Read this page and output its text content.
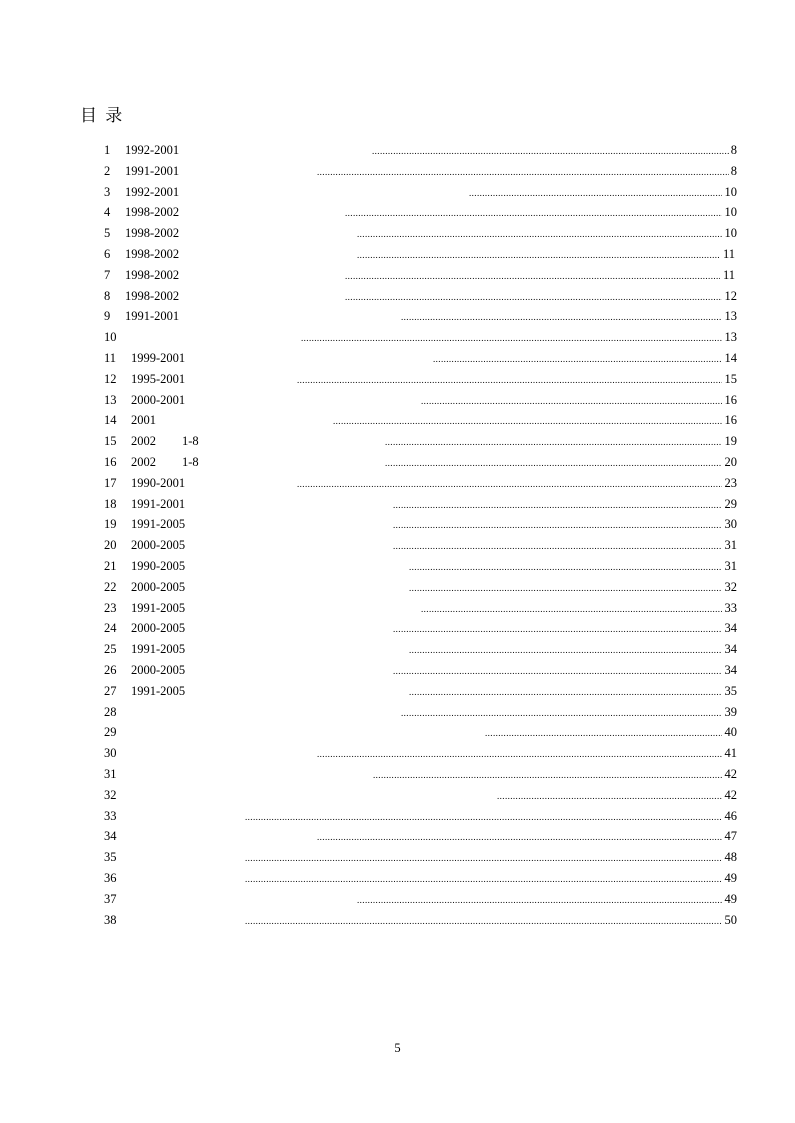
目 录
1 1992-2001	8
.....
2 1991-2001	8
.....
3 1992-2001	10
.....
4 1998-2002	10
.....
5 1998-2002	10
.....
6 1998-2002	11
.....
7 1998-2002	11
.....
8 1998-2002	12
.....
9 1991-2001	13
.....
10	13
.....
11 1999-2001	14
.....
12 1995-2001	15
.....
13 2000-2001	16
.....
14 2001	16
.....
15 2002 1-8	19
.....
16 2002 1-8	20
.....
17 1990-2001	23
.....
18 1991-2001	29
.....
19 1991-2005	30
.....
20 2000-2005	31
.....
21 1990-2005	31
.....
22 2000-2005	32
.....
23 1991-2005	33
.....
24 2000-2005	34
.....
25 1991-2005	34
.....
26 2000-2005	34
.....
27 1991-2005	35
.....
28	39
.....
29	40
.....
30	41
.....
31	42
.....
32	42
.....
33	46
.....
34	47
.....
35	48
.....
36	49
.....
37	49
.....
38	50
.....
5
